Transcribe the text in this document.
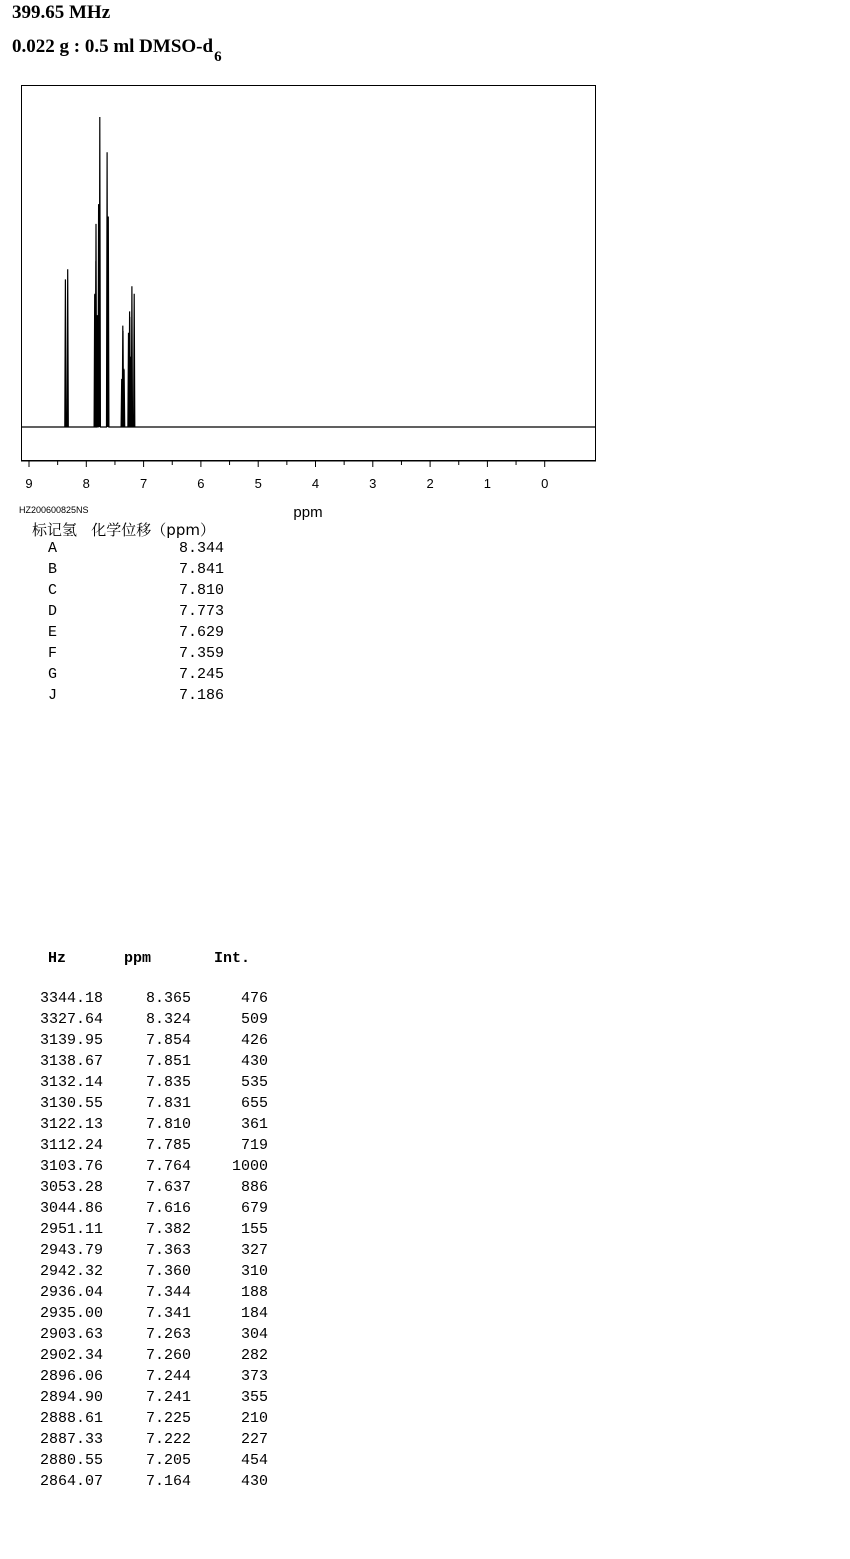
399.65 MHz
0.022 g : 0.5 ml DMSO-$d_6$
9	8	7	6	5	4	3	2	1	0
ppm
HZ200600825NS
标记氢   化学位移（ppm）
A	8.344
B	7.841
C	7.810
D	7.773
E	7.629
F	7.359
G	7.245
J	7.186
Hz	ppm	Int.
3344.18	8.365	476
3327.64	8.324	509
3139.95	7.854	426
3138.67	7.851	430
3132.14	7.835	535
3130.55	7.831	655
3122.13	7.810	361
3112.24	7.785	719
3103.76	7.764	1000
3053.28	7.637	886
3044.86	7.616	679
2951.11	7.382	155
2943.79	7.363	327
2942.32	7.360	310
2936.04	7.344	188
2935.00	7.341	184
2903.63	7.263	304
2902.34	7.260	282
2896.06	7.244	373
2894.90	7.241	355
2888.61	7.225	210
2887.33	7.222	227
2880.55	7.205	454
2864.07	7.164	430
